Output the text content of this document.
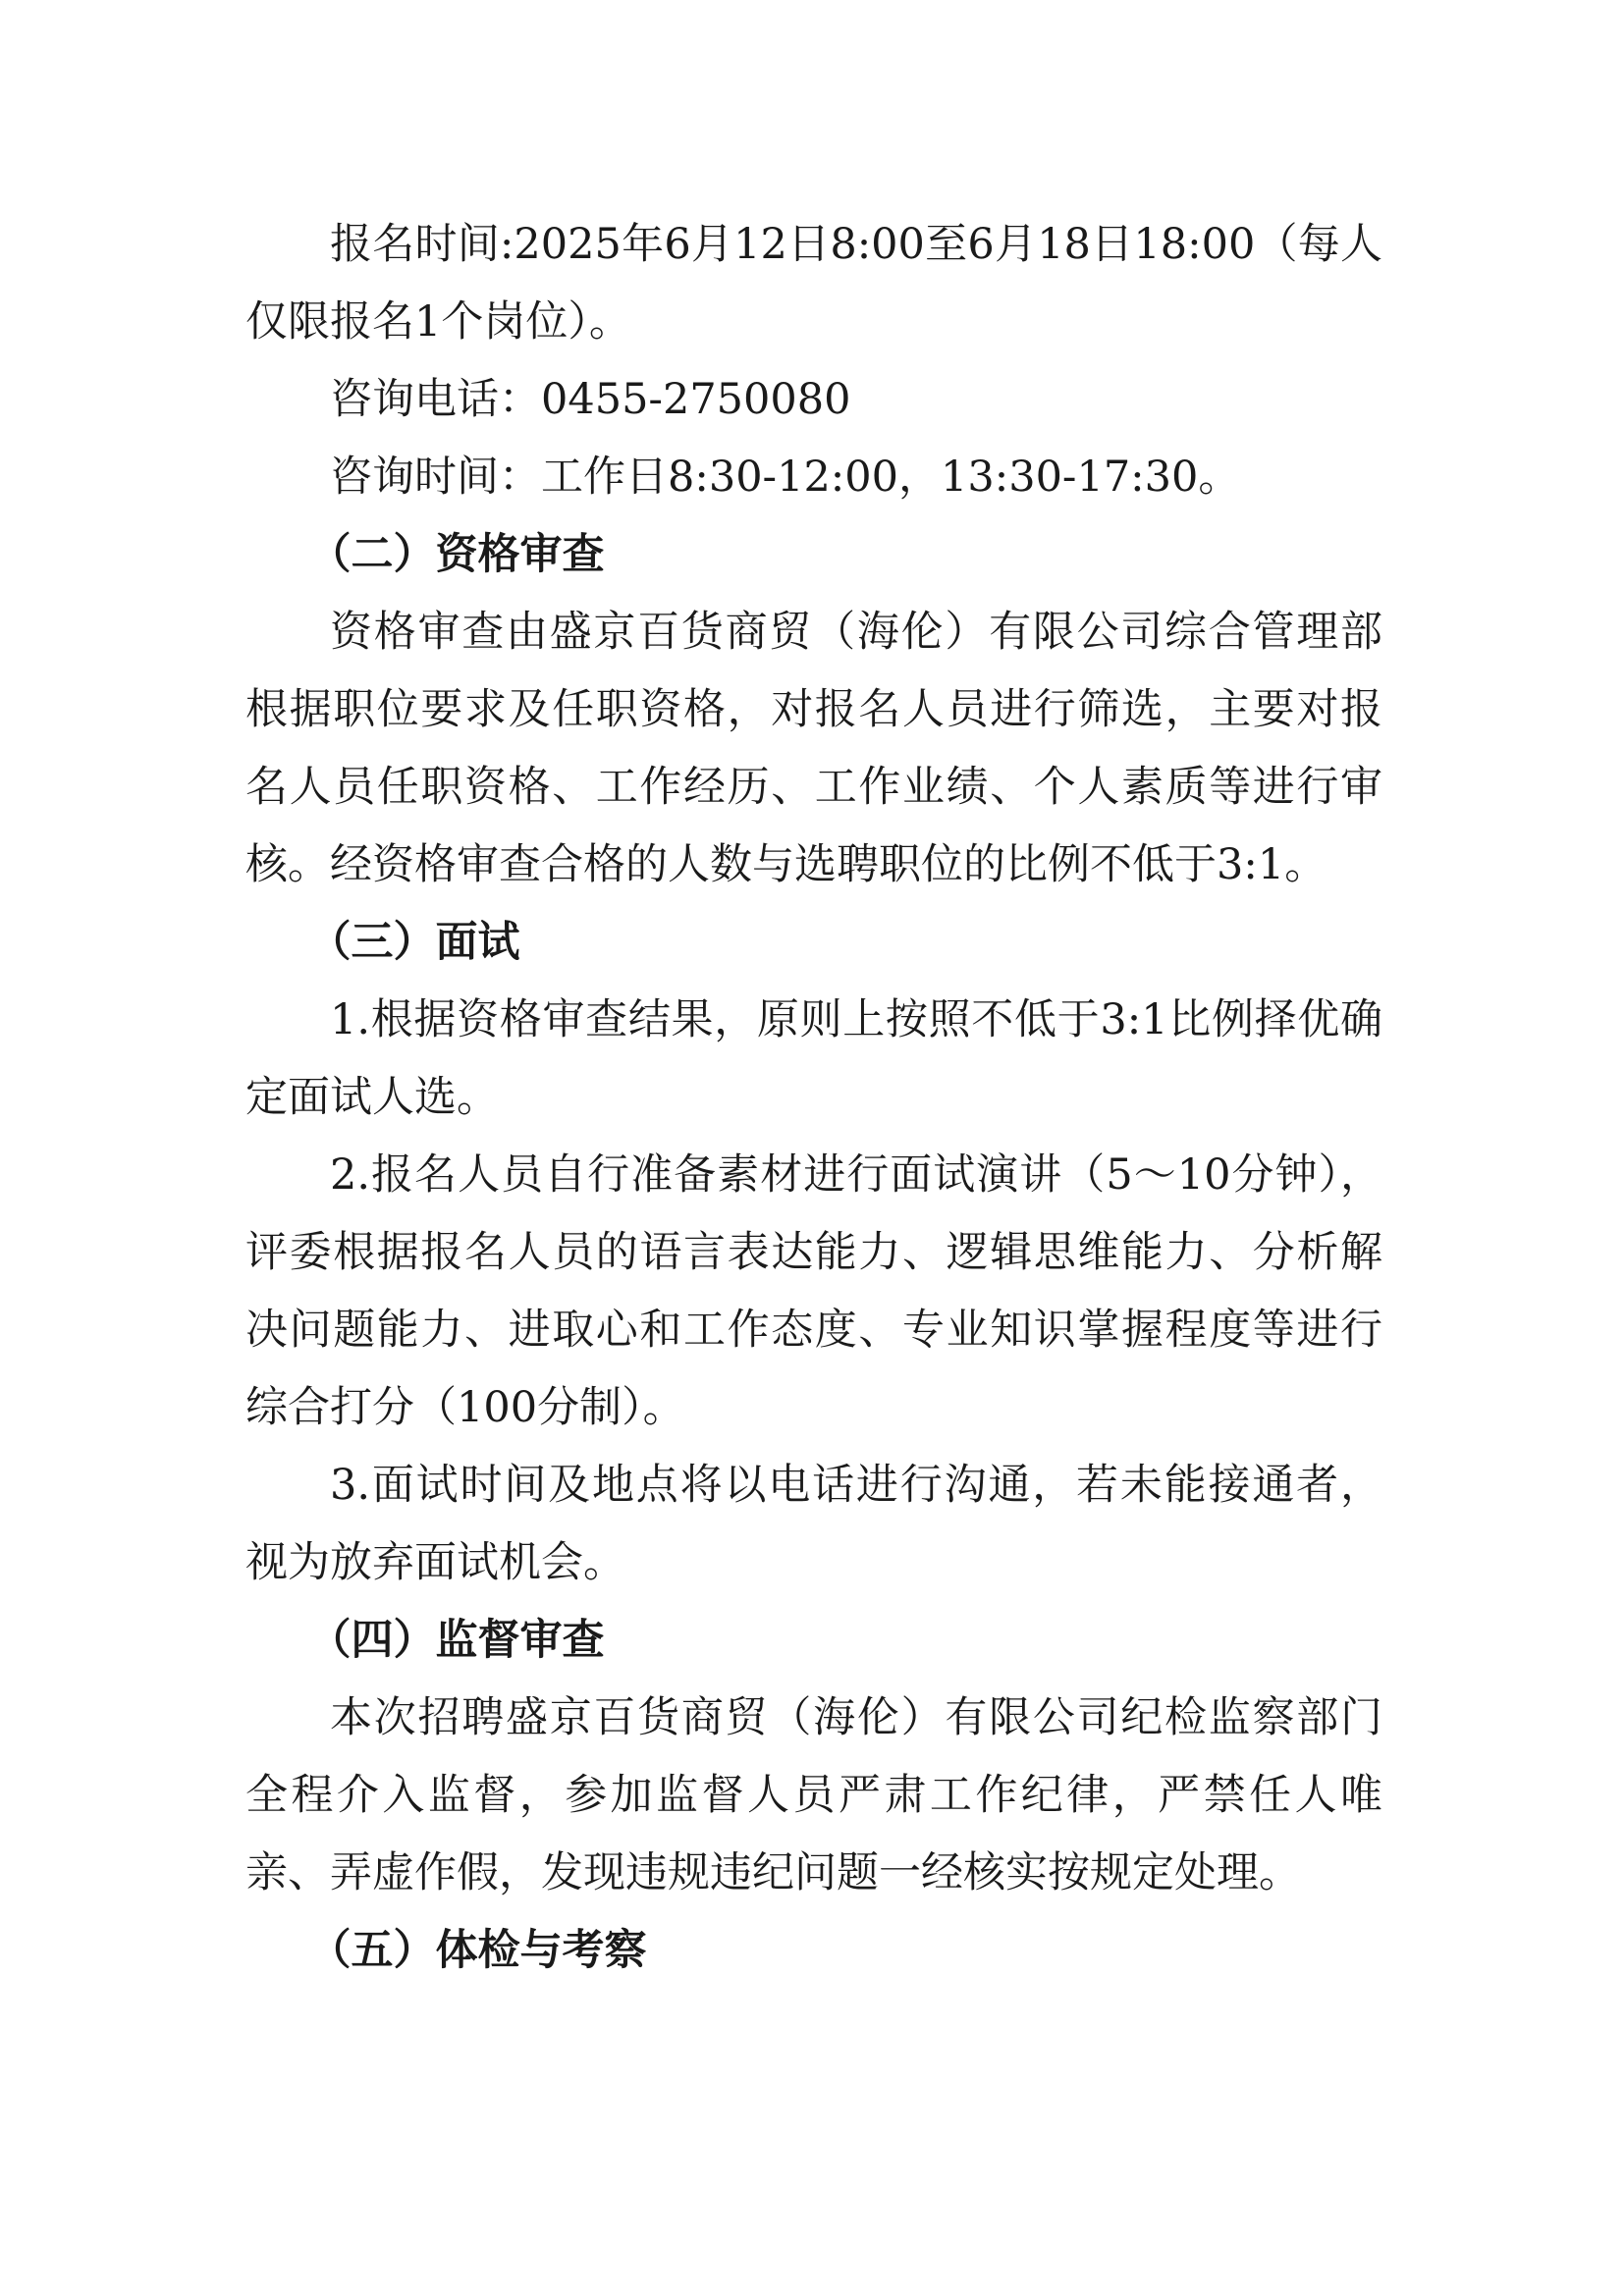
报名时间:2025年6月12日8:00至6月18日18:00（每人仅限报名1个岗位）。

咨询电话：0455-2750080

咨询时间：工作日8:30-12:00，13:30-17:30。

（二）资格审查

资格审查由盛京百货商贸（海伦）有限公司综合管理部根据职位要求及任职资格，对报名人员进行筛选，主要对报名人员任职资格、工作经历、工作业绩、个人素质等进行审核。经资格审查合格的人数与选聘职位的比例不低于3:1。

（三）面试

1.根据资格审查结果，原则上按照不低于3:1比例择优确定面试人选。

2.报名人员自行准备素材进行面试演讲（5～10分钟），评委根据报名人员的语言表达能力、逻辑思维能力、分析解决问题能力、进取心和工作态度、专业知识掌握程度等进行综合打分（100分制）。

3.面试时间及地点将以电话进行沟通，若未能接通者，视为放弃面试机会。

（四）监督审查

本次招聘盛京百货商贸（海伦）有限公司纪检监察部门全程介入监督，参加监督人员严肃工作纪律，严禁任人唯亲、弄虚作假，发现违规违纪问题一经核实按规定处理。

（五）体检与考察
